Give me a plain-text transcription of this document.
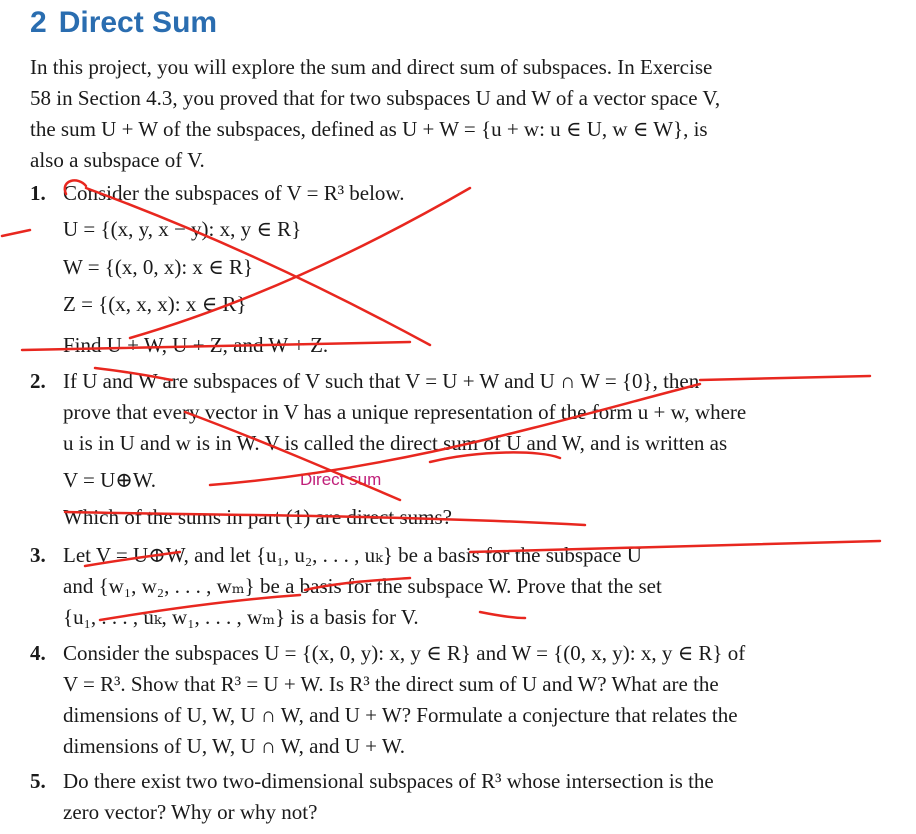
2 Direct Sum
In this project, you will explore the sum and direct sum of subspaces. In Exercise
58 in Section 4.3, you proved that for two subspaces U and W of a vector space V,
the sum U + W of the subspaces, defined as U + W = {u + w: u ∈ U, w ∈ W}, is
also a subspace of V.
1. Consider the subspaces of V = R³ below.
U = {(x, y, x − y): x, y ∈ R}
W = {(x, 0, x): x ∈ R}
Z = {(x, x, x): x ∈ R}
Find U + W, U + Z, and W + Z.
2. If U and W are subspaces of V such that V = U + W and U ∩ W = {0}, then
prove that every vector in V has a unique representation of the form u + w, where
u is in U and w is in W. V is called the direct sum of U and W, and is written as
V = U⊕W.
Which of the sums in part (1) are direct sums?
Direct sum
3. Let V = U⊕W, and let {u₁, u₂, . . . , uₖ} be a basis for the subspace U
and {w₁, w₂, . . . , wₘ} be a basis for the subspace W. Prove that the set
{u₁, . . . , uₖ, w₁, . . . , wₘ} is a basis for V.
4. Consider the subspaces U = {(x, 0, y): x, y ∈ R} and W = {(0, x, y): x, y ∈ R} of
V = R³. Show that R³ = U + W. Is R³ the direct sum of U and W? What are the
dimensions of U, W, U ∩ W, and U + W? Formulate a conjecture that relates the
dimensions of U, W, U ∩ W, and U + W.
5. Do there exist two two-dimensional subspaces of R³ whose intersection is the
zero vector? Why or why not?
